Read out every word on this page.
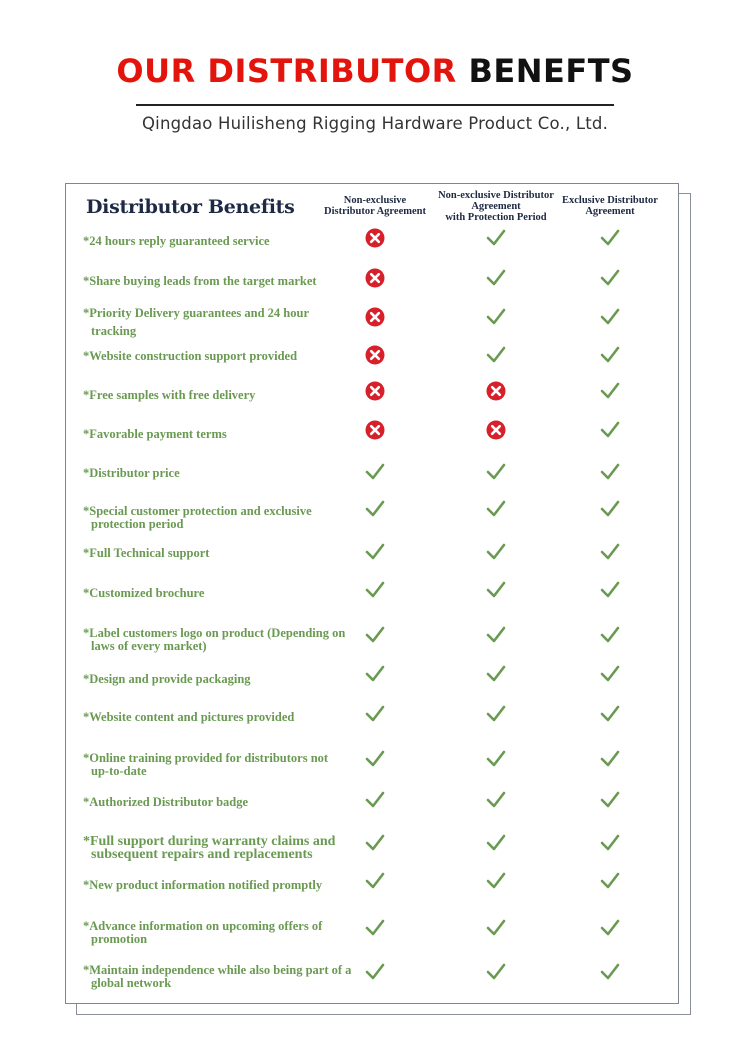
OUR DISTRIBUTOR BENEFTS
Qingdao Huilisheng Rigging Hardware Product Co., Ltd.
Distributor Benefits	Non-exclusive
Distributor Agreement
Non-exclusive Distributor
Agreement
with Protection Period
Exclusive Distributor
Agreement
*24 hours reply guaranteed service
*Share buying leads from the target market
*Priority Delivery guarantees and 24 hour
tracking
*Website construction support provided
*Free samples with free delivery
*Favorable payment terms
*Distributor price
*Special customer protection and exclusive
protection period
*Full Technical support
*Customized brochure
*Label customers logo on product (Depending on
laws of every market)
*Design and provide packaging
*Website content and pictures provided
*Online training provided for distributors not
up-to-date
*Authorized Distributor badge
*Full support during warranty claims and
subsequent repairs and replacements
*New product information notified promptly
*Advance information on upcoming offers of
promotion
*Maintain independence while also being part of a
global network
